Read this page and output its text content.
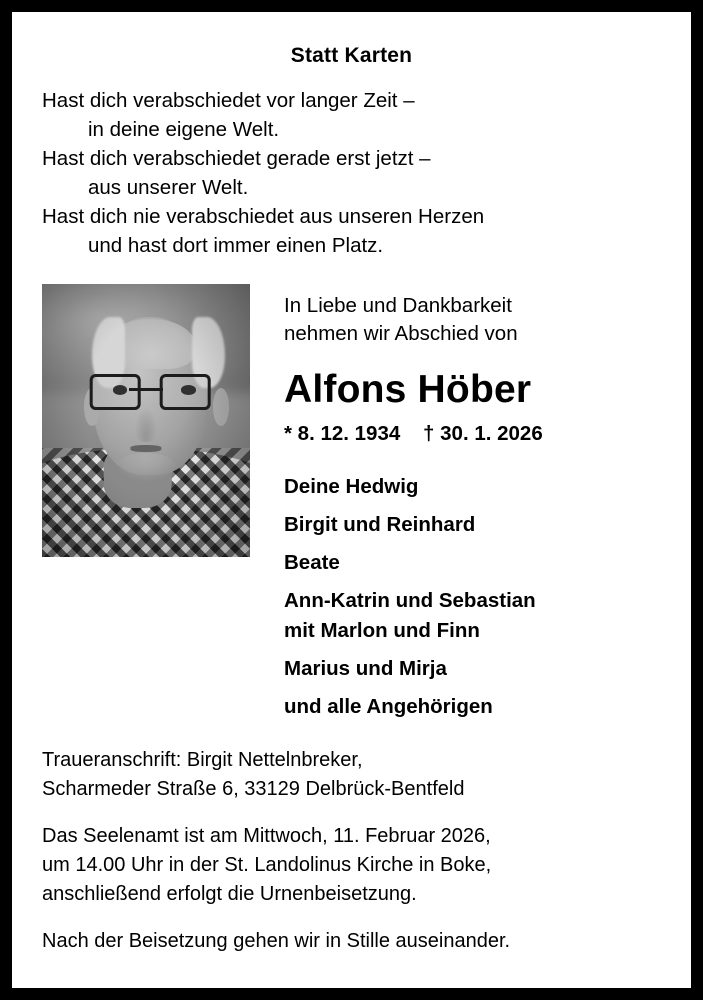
Statt Karten
Hast dich verabschiedet vor langer Zeit –
in deine eigene Welt.
Hast dich verabschiedet gerade erst jetzt –
aus unserer Welt.
Hast dich nie verabschiedet aus unseren Herzen
und hast dort immer einen Platz.
In Liebe und Dankbarkeit
nehmen wir Abschied von
Alfons Höber
* 8. 12. 1934    † 30. 1. 2026
Deine Hedwig
Birgit und Reinhard
Beate
Ann-Katrin und Sebastian
mit Marlon und Finn
Marius und Mirja
und alle Angehörigen
Traueranschrift: Birgit Nettelnbreker,
Scharmeder Straße 6, 33129 Delbrück-Bentfeld
Das Seelenamt ist am Mittwoch, 11. Februar 2026,
um 14.00 Uhr in der St. Landolinus Kirche in Boke,
anschließend erfolgt die Urnenbeisetzung.
Nach der Beisetzung gehen wir in Stille auseinander.
